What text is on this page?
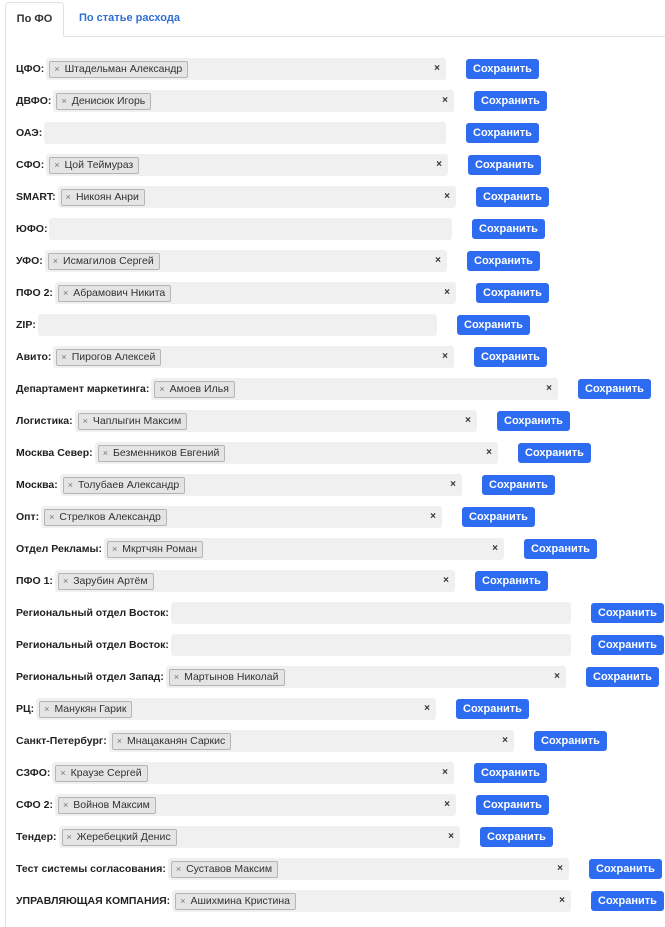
По ФО	По статье расхода
ЦФО: × Штадельман Александр	×	Сохранить
ДВФО: × Денисюк Игорь	×	Сохранить
ОАЭ:	Сохранить
СФО: × Цой Теймураз	×	Сохранить
SMART: × Никоян Анри	×	Сохранить
ЮФО:	Сохранить
УФО: × Исмагилов Сергей	×	Сохранить
ПФО 2: × Абрамович Никита	×	Сохранить
ZIP:	Сохранить
Авито: × Пирогов Алексей	×	Сохранить
Департамент маркетинга: × Амоев Илья	×	Сохранить
Логистика: × Чаплыгин Максим	×	Сохранить
Москва Север: × Безменников Евгений	×	Сохранить
Москва: × Толубаев Александр	×	Сохранить
Опт: × Стрелков Александр	×	Сохранить
Отдел Рекламы: × Мкртчян Роман	×	Сохранить
ПФО 1: × Зарубин Артём	×	Сохранить
Региональный отдел Восток:	Сохранить
Региональный отдел Восток:	Сохранить
Региональный отдел Запад: × Мартынов Николай	×	Сохранить
РЦ: × Манукян Гарик	×	Сохранить
Санкт-Петербург: × Мнацаканян Саркис	×	Сохранить
СЗФО: × Краузе Сергей	×	Сохранить
СФО 2: × Войнов Максим	×	Сохранить
Тендер: × Жеребецкий Денис	×	Сохранить
Тест системы согласования: × Суставов Максим	×	Сохранить
УПРАВЛЯЮЩАЯ КОМПАНИЯ: × Ашихмина Кристина	×	Сохранить
